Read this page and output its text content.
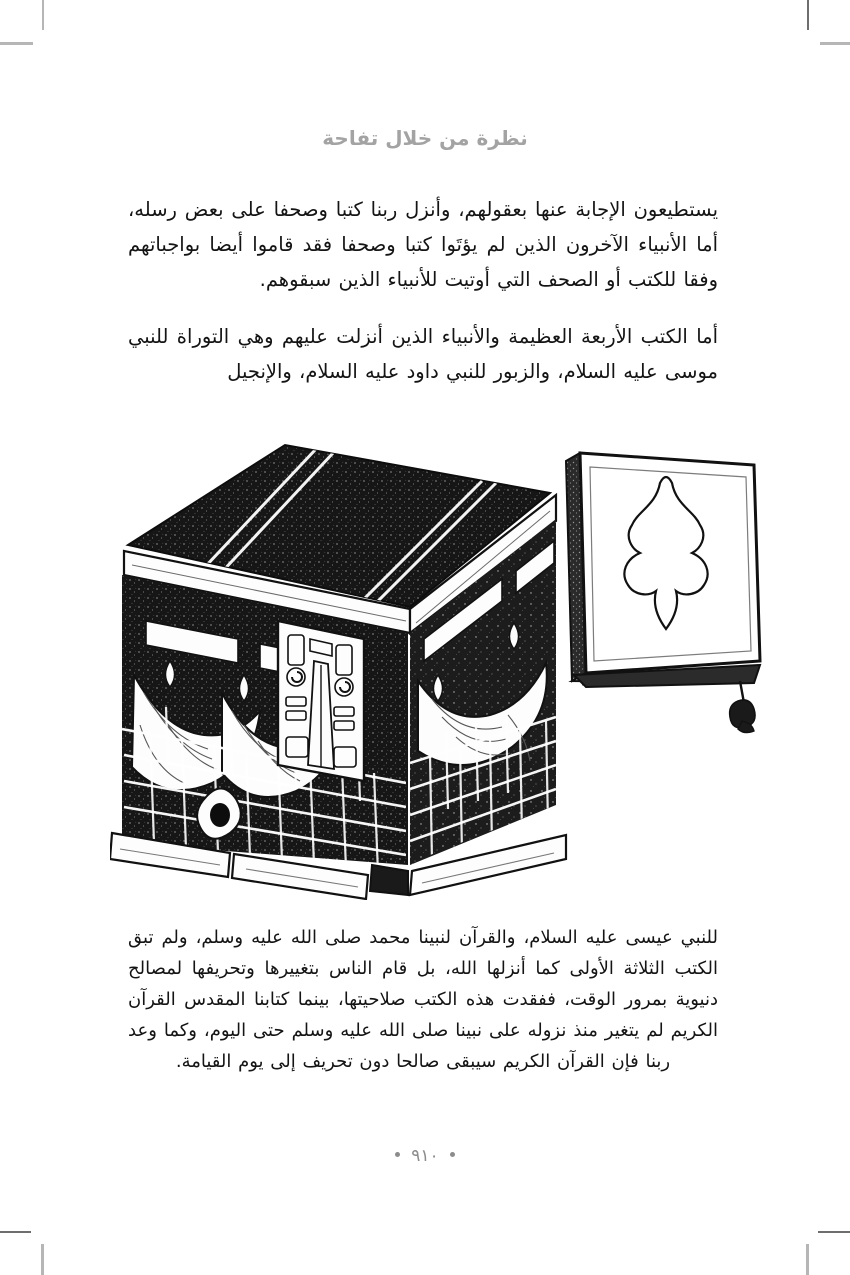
نظرة من خلال تفاحة

يستطيعون الإجابة عنها بعقولهم، وأنزل ربنا كتبا وصحفا على بعض رسله، أما الأنبياء الآخرون الذين لم يؤتَوا كتبا وصحفا فقد قاموا أيضا بواجباتهم وفقا للكتب أو الصحف التي أوتيت للأنبياء الذين سبقوهم.

أما الكتب الأربعة العظيمة والأنبياء الذين أنزلت عليهم وهي التوراة للنبي موسى عليه السلام، والزبور للنبي داود عليه السلام، والإنجيل

للنبي عيسى عليه السلام، والقرآن لنبينا محمد صلى الله عليه وسلم، ولم تبق الكتب الثلاثة الأولى كما أنزلها الله، بل قام الناس بتغييرها وتحريفها لمصالح دنيوية بمرور الوقت، ففقدت هذه الكتب صلاحيتها، بينما كتابنا المقدس القرآن الكريم لم يتغير منذ نزوله على نبينا صلى الله عليه وسلم حتى اليوم، وكما وعد ربنا فإن القرآن الكريم سيبقى صالحا دون تحريف إلى يوم القيامة.

٩١٠
